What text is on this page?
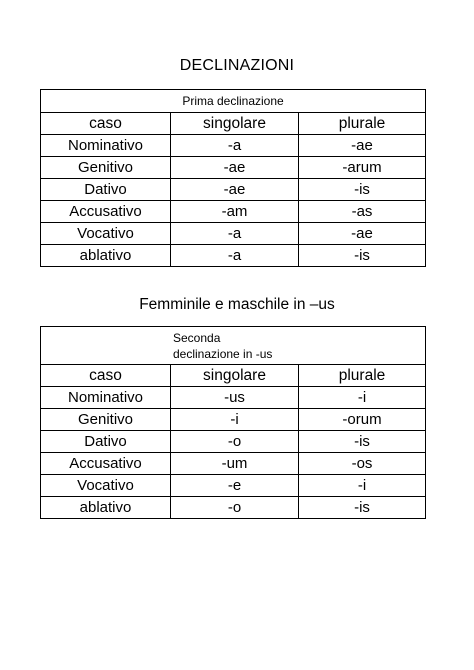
DECLINAZIONI
Prima declinazione		
caso	singolare	plurale
Nominativo	-a	-ae
Genitivo	-ae	-arum
Dativo	-ae	-is
Accusativo	-am	-as
Vocativo	-a	-ae
ablativo	-a	-is
Femminile e maschile in –us
Seconda
declinazione in -us		

caso	singolare	plurale
Nominativo	-us	-i
Genitivo	-i	-orum
Dativo	-o	-is
Accusativo	-um	-os
Vocativo	-e	-i
ablativo	-o	-is
